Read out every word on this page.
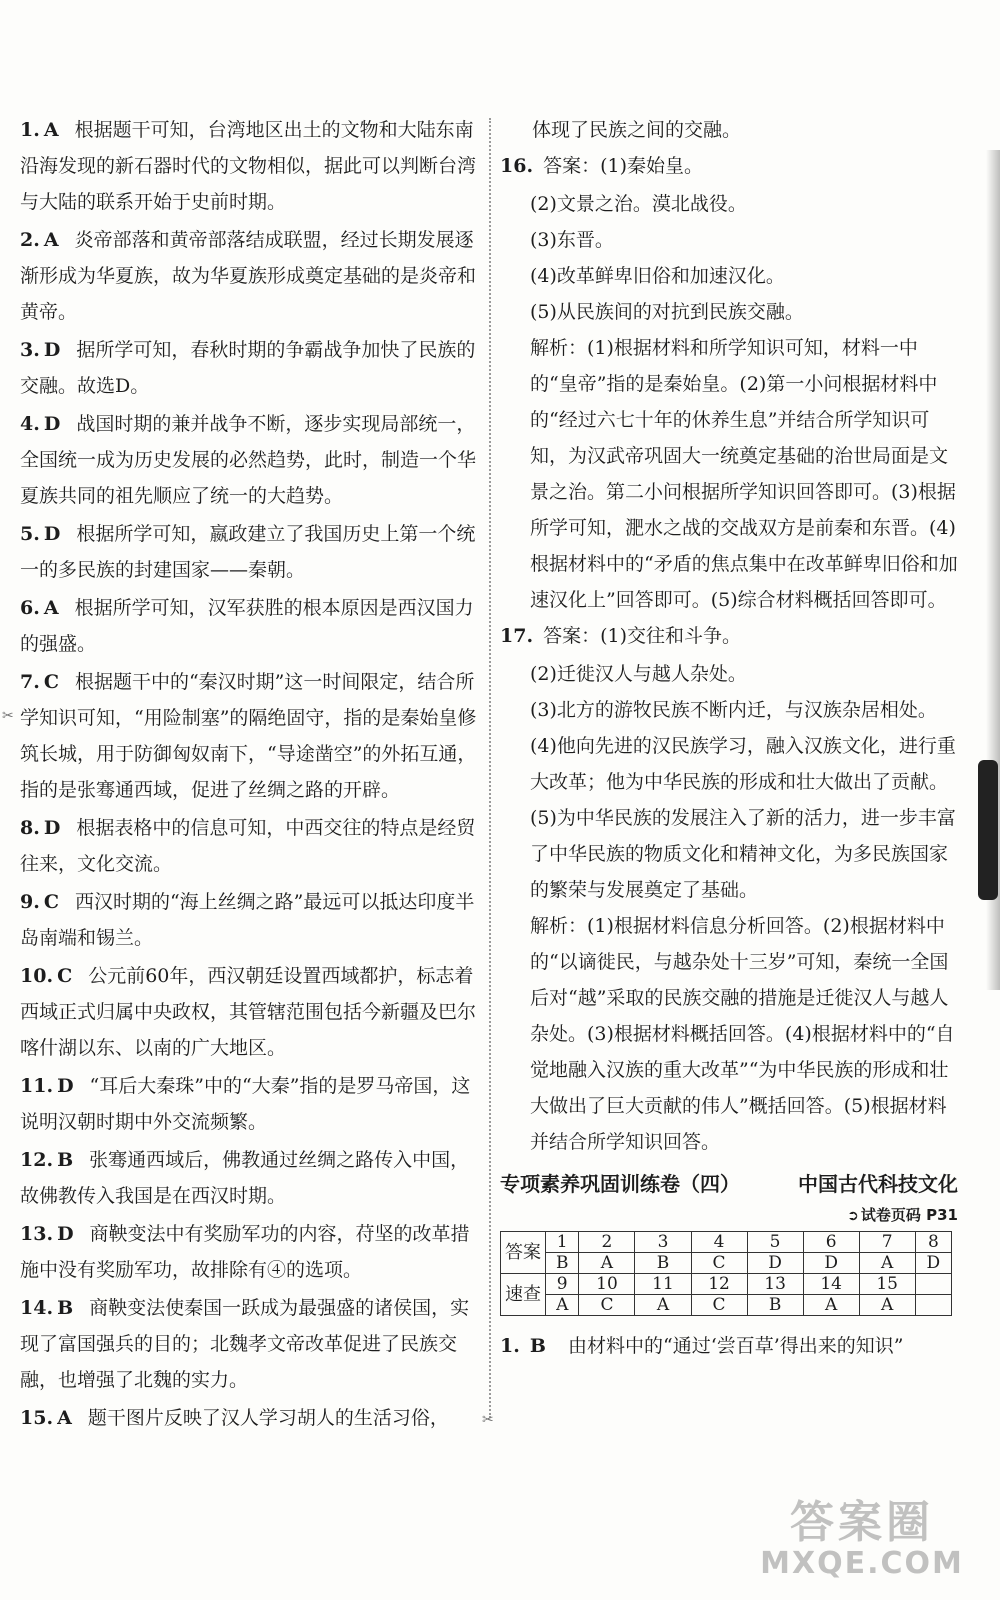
✂
✂
1. A 根据题干可知，台湾地区出土的文物和大陆东南沿海发现的新石器时代的文物相似，据此可以判断台湾与大陆的联系开始于史前时期。
2. A 炎帝部落和黄帝部落结成联盟，经过长期发展逐渐形成为华夏族，故为华夏族形成奠定基础的是炎帝和黄帝。
3. D 据所学可知，春秋时期的争霸战争加快了民族的交融。故选D。
4. D 战国时期的兼并战争不断，逐步实现局部统一，全国统一成为历史发展的必然趋势，此时，制造一个华夏族共同的祖先顺应了统一的大趋势。
5. D 根据所学可知，嬴政建立了我国历史上第一个统一的多民族的封建国家——秦朝。
6. A 根据所学可知，汉军获胜的根本原因是西汉国力的强盛。
7. C 根据题干中的“秦汉时期”这一时间限定，结合所学知识可知，“用险制塞”的隔绝固守，指的是秦始皇修筑长城，用于防御匈奴南下，“导途凿空”的外拓互通，指的是张骞通西域，促进了丝绸之路的开辟。
8. D 根据表格中的信息可知，中西交往的特点是经贸往来，文化交流。
9. C 西汉时期的“海上丝绸之路”最远可以抵达印度半岛南端和锡兰。
10. C 公元前60年，西汉朝廷设置西域都护，标志着西域正式归属中央政权，其管辖范围包括今新疆及巴尔喀什湖以东、以南的广大地区。
11. D “耳后大秦珠”中的“大秦”指的是罗马帝国，这说明汉朝时期中外交流频繁。
12. B 张骞通西域后，佛教通过丝绸之路传入中国，故佛教传入我国是在西汉时期。
13. D 商鞅变法中有奖励军功的内容，苻坚的改革措施中没有奖励军功，故排除有④的选项。
14. B 商鞅变法使秦国一跃成为最强盛的诸侯国，实现了富国强兵的目的；北魏孝文帝改革促进了民族交融，也增强了北魏的实力。
15. A 题干图片反映了汉人学习胡人的生活习俗，
体现了民族之间的交融。
16. 答案：(1)秦始皇。
(2)文景之治。漠北战役。
(3)东晋。
(4)改革鲜卑旧俗和加速汉化。
(5)从民族间的对抗到民族交融。
解析：(1)根据材料和所学知识可知，材料一中的“皇帝”指的是秦始皇。(2)第一小问根据材料中的“经过六七十年的休养生息”并结合所学知识可知，为汉武帝巩固大一统奠定基础的治世局面是文景之治。第二小问根据所学知识回答即可。(3)根据所学可知，淝水之战的交战双方是前秦和东晋。(4)根据材料中的“矛盾的焦点集中在改革鲜卑旧俗和加速汉化上”回答即可。(5)综合材料概括回答即可。
17. 答案：(1)交往和斗争。
(2)迁徙汉人与越人杂处。
(3)北方的游牧民族不断内迁，与汉族杂居相处。
(4)他向先进的汉民族学习，融入汉族文化，进行重大改革；他为中华民族的形成和壮大做出了贡献。
(5)为中华民族的发展注入了新的活力，进一步丰富了中华民族的物质文化和精神文化，为多民族国家的繁荣与发展奠定了基础。
解析：(1)根据材料信息分析回答。(2)根据材料中的“以谪徙民，与越杂处十三岁”可知，秦统一全国后对“越”采取的民族交融的措施是迁徙汉人与越人杂处。(3)根据材料概括回答。(4)根据材料中的“自觉地融入汉族的重大改革”“为中华民族的形成和壮大做出了巨大贡献的伟人”概括回答。(5)根据材料并结合所学知识回答。
专项素养巩固训练卷（四）	中国古代科技文化
➲ 试卷页码 P31
答案	1	2	3	4	5	6	7	8
	B	A	B	C	D	D	A	D
速查	9	10	11	12	13	14	15	
	A	C	A	C	B	A	A	
1. B 由材料中的“通过‘尝百草’得出来的知识”
答案圈
MXQE.COM
